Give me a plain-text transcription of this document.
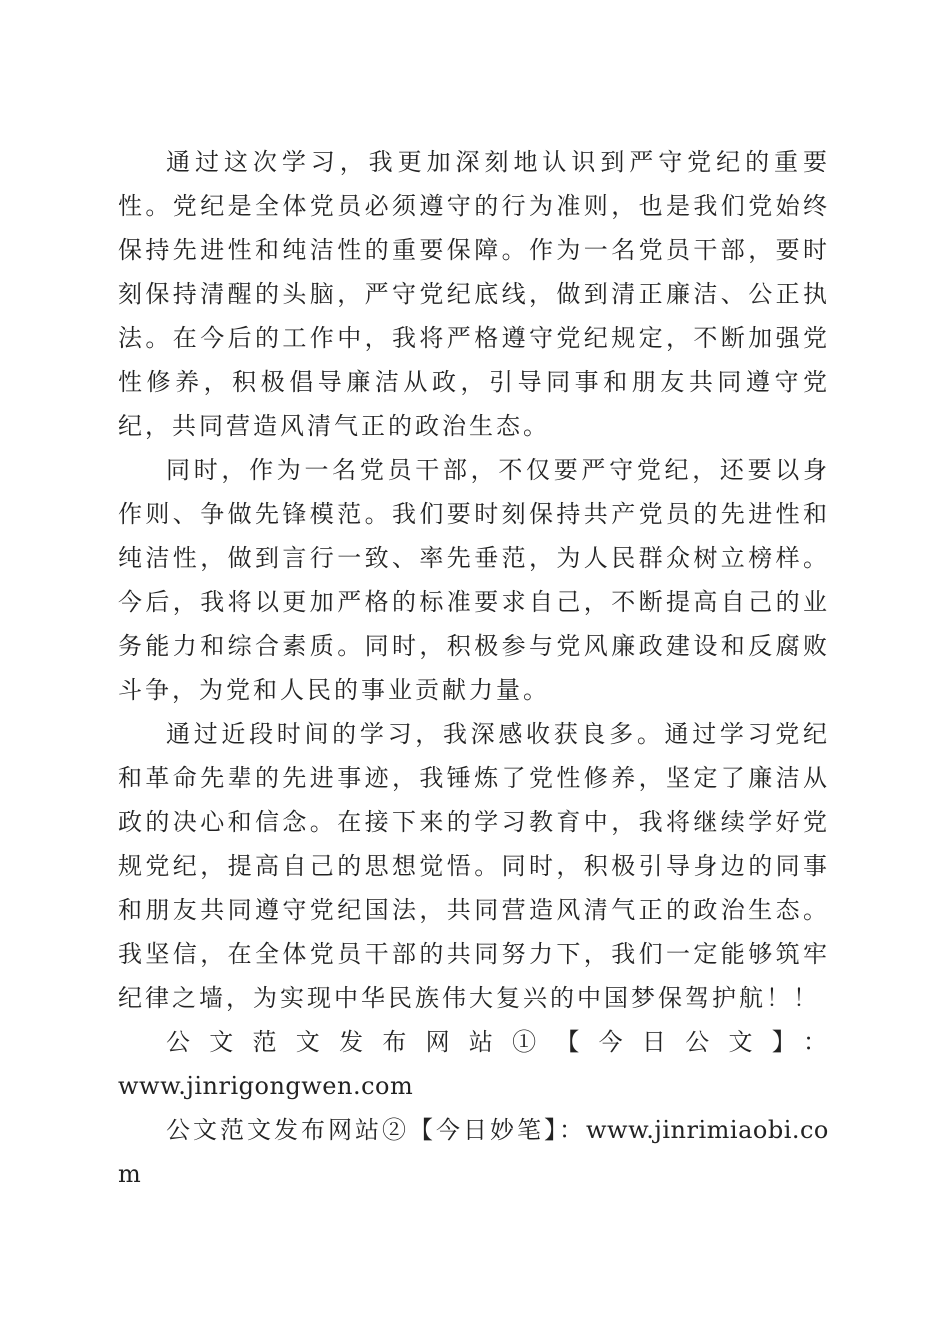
通过这次学习，我更加深刻地认识到严守党纪的重要性。党纪是全体党员必须遵守的行为准则，也是我们党始终保持先进性和纯洁性的重要保障。作为一名党员干部，要时刻保持清醒的头脑，严守党纪底线，做到清正廉洁、公正执法。在今后的工作中，我将严格遵守党纪规定，不断加强党性修养，积极倡导廉洁从政，引导同事和朋友共同遵守党纪，共同营造风清气正的政治生态。

同时，作为一名党员干部，不仅要严守党纪，还要以身作则、争做先锋模范。我们要时刻保持共产党员的先进性和纯洁性，做到言行一致、率先垂范，为人民群众树立榜样。今后，我将以更加严格的标准要求自己，不断提高自己的业务能力和综合素质。同时，积极参与党风廉政建设和反腐败斗争，为党和人民的事业贡献力量。

通过近段时间的学习，我深感收获良多。通过学习党纪和革命先辈的先进事迹，我锤炼了党性修养，坚定了廉洁从政的决心和信念。在接下来的学习教育中，我将继续学好党规党纪，提高自己的思想觉悟。同时，积极引导身边的同事和朋友共同遵守党纪国法，共同营造风清气正的政治生态。我坚信，在全体党员干部的共同努力下，我们一定能够筑牢纪律之墙，为实现中华民族伟大复兴的中国梦保驾护航！！

公文范文发布网站①【今日公文】：

www.jinrigongwen.com

公文范文发布网站②【今日妙笔】：www.jinrimiaobi.com
